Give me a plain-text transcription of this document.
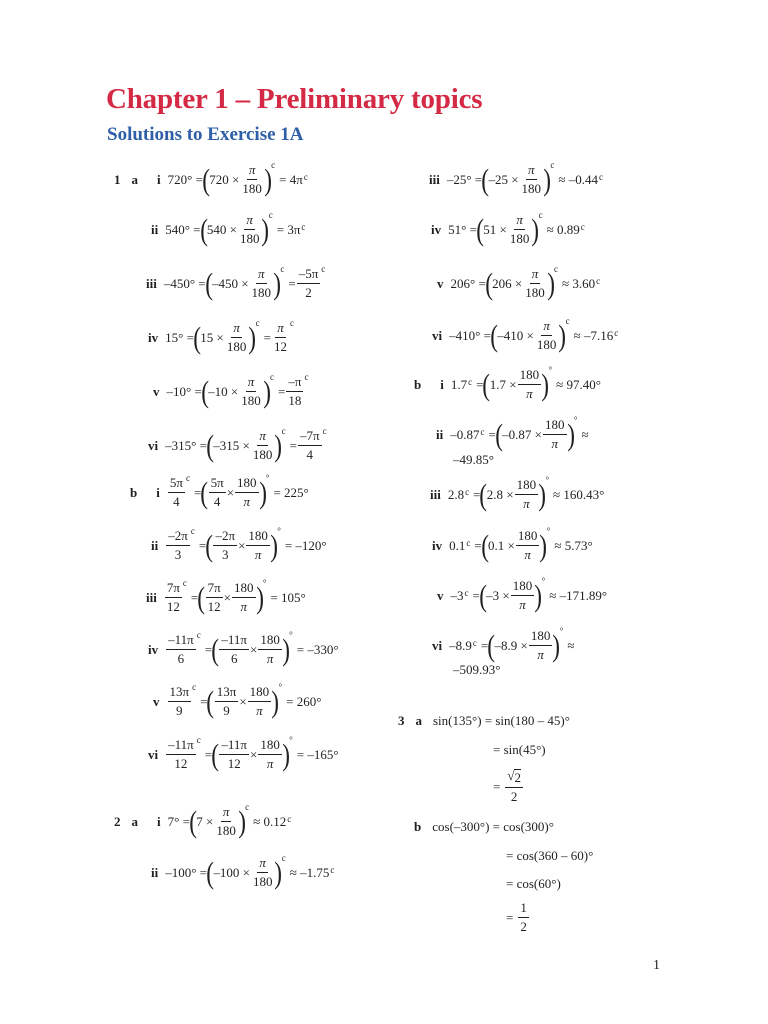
Chapter 1 – Preliminary topics
Solutions to Exercise 1A
1 a i 720° = ( $720 \times \frac{\pi}{180}$ ) c
= 4π c
ii 540° = ( $540 \times \frac{\pi}{180}$ ) c
= 3π c
iii –450° = ( $-450 \times \frac{\pi}{180}$ ) c
= $\frac{-5\pi}{2}$ c
iv 15° = ( $15 \times \frac{\pi}{180}$ ) c
= $\frac{\pi}{12}$ c
v –10° = ( $-10 \times \frac{\pi}{180}$ ) c
= $\frac{-\pi}{18}$ c
vi –315° = ( $-315 \times \frac{\pi}{180}$ ) c
= $\frac{-7\pi}{4}$ c
b i $\frac{5\pi}{4}$ c
= ( $\frac{5\pi}{4} \times \frac{180}{\pi}$ ) °
= 225°
ii $\frac{-2\pi}{3}$ c
= ( $\frac{-2\pi}{3} \times \frac{180}{\pi}$ ) °
= –120°
iii $\frac{7\pi}{12}$ c
= ( $\frac{7\pi}{12} \times \frac{180}{\pi}$ ) °
= 105°
iv $\frac{-11\pi}{6}$ c
= ( $\frac{-11\pi}{6} \times \frac{180}{\pi}$ ) °
= –330°
v $\frac{13\pi}{9}$ c
= ( $\frac{13\pi}{9} \times \frac{180}{\pi}$ ) °
= 260°
vi $\frac{-11\pi}{12}$ c
= ( $\frac{-11\pi}{12} \times \frac{180}{\pi}$ ) °
= –165°
2 a i 7° = ( $7 \times \frac{\pi}{180}$ ) c
≈ 0.12 c
ii –100° = ( $-100 \times \frac{\pi}{180}$ ) c
≈ –1.75 c
iii –25° = ( $-25 \times \frac{\pi}{180}$ ) c
≈ –0.44 c
iv 51° = ( $51 \times \frac{\pi}{180}$ ) c
≈ 0.89 c
v 206° = ( $206 \times \frac{\pi}{180}$ ) c
≈ 3.60 c
vi –410° = ( $-410 \times \frac{\pi}{180}$ ) c
≈ –7.16 c
b i 1.7 c = ( $1.7 \times \frac{180}{\pi}$ ) °
≈ 97.40°
ii –0.87 c = ( $-0.87 \times \frac{180}{\pi}$ ) °
≈
–49.85°
iii 2.8 c = ( $2.8 \times \frac{180}{\pi}$ ) °
≈ 160.43°
iv 0.1 c = ( $0.1 \times \frac{180}{\pi}$ ) °
≈ 5.73°
v –3 c = ( $-3 \times \frac{180}{\pi}$ ) °
≈ –171.89°
vi –8.9 c = ( $-8.9 \times \frac{180}{\pi}$ ) °
≈
–509.93°
3 a sin(135°) = sin(180 – 45)°
= sin(45°)
= $\frac{√ 2}{2}$
b cos(–300°) = cos(300)°
= cos(360 – 60)°
= cos(60°)
= $\frac{1}{2}$
1
